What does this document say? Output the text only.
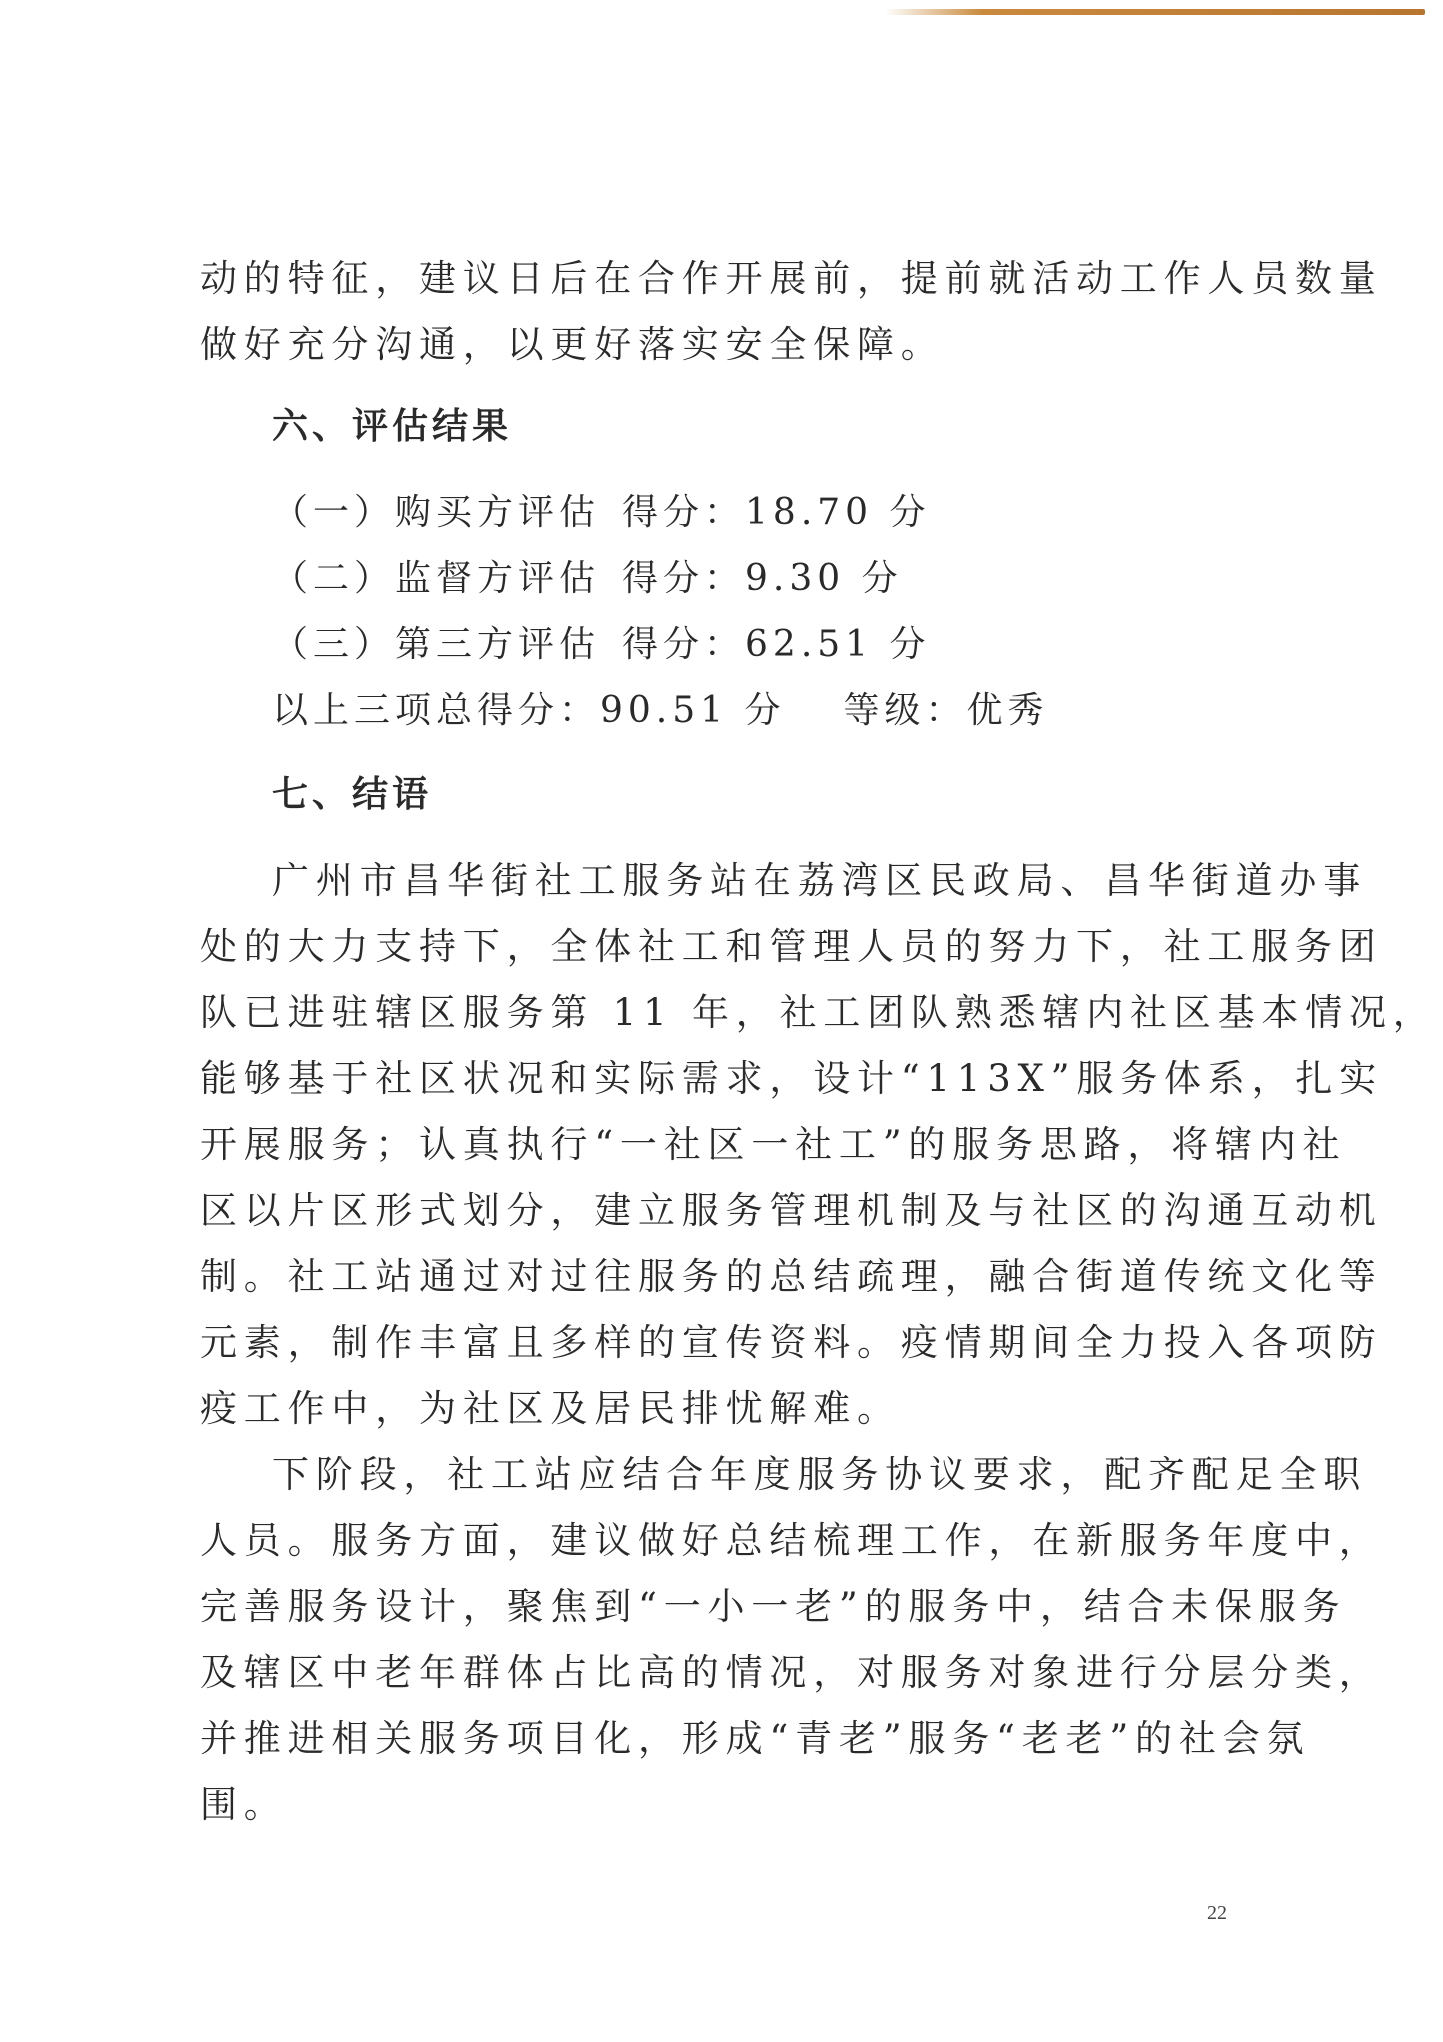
动的特征，建议日后在合作开展前，提前就活动工作人员数量
做好充分沟通，以更好落实安全保障。
六、评估结果
（一）购买方评估 得分：18.70 分
（二）监督方评估 得分：9.30 分
（三）第三方评估 得分：62.51 分
以上三项总得分：90.51 分 等级：优秀
七、结语
广州市昌华街社工服务站在荔湾区民政局、昌华街道办事
处的大力支持下，全体社工和管理人员的努力下，社工服务团
队已进驻辖区服务第 11 年，社工团队熟悉辖内社区基本情况，
能够基于社区状况和实际需求，设计“113X”服务体系，扎实
开展服务；认真执行“一社区一社工”的服务思路，将辖内社
区以片区形式划分，建立服务管理机制及与社区的沟通互动机
制。社工站通过对过往服务的总结疏理，融合街道传统文化等
元素，制作丰富且多样的宣传资料。疫情期间全力投入各项防
疫工作中，为社区及居民排忧解难。
下阶段，社工站应结合年度服务协议要求，配齐配足全职
人员。服务方面，建议做好总结梳理工作，在新服务年度中，
完善服务设计，聚焦到“一小一老”的服务中，结合未保服务
及辖区中老年群体占比高的情况，对服务对象进行分层分类，
并推进相关服务项目化，形成“青老”服务“老老”的社会氛
围。
22
